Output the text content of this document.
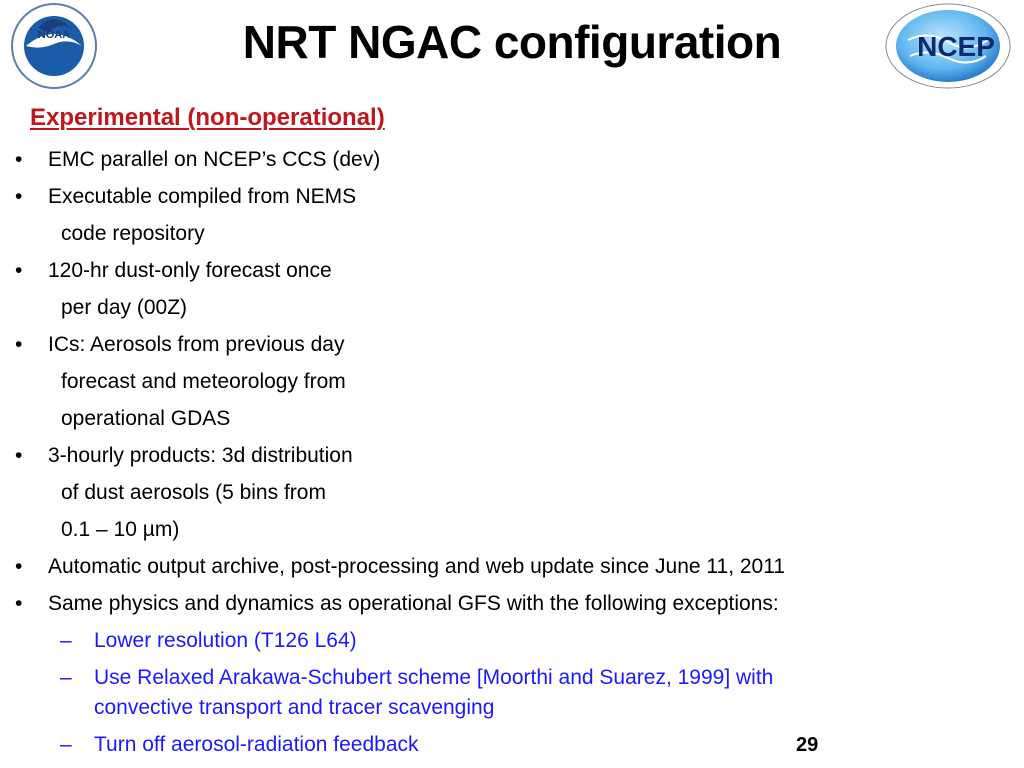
NOAA	NRT NGAC configuration	NCEP
Experimental (non-operational)
• EMC parallel on NCEP’s CCS (dev)
• Executable compiled from NEMS
code repository
• 120-hr dust-only forecast once
per day (00Z)
• ICs: Aerosols from previous day
forecast and meteorology from
operational GDAS
• 3-hourly products: 3d distribution
of dust aerosols (5 bins from
0.1 – 10 µm)
• Automatic output archive, post-processing and web update since June 11, 2011
• Same physics and dynamics as operational GFS with the following exceptions:
– Lower resolution (T126 L64)
– Use Relaxed Arakawa-Schubert scheme [Moorthi and Suarez, 1999] with
convective transport and tracer scavenging
– Turn off aerosol-radiation feedback	29
